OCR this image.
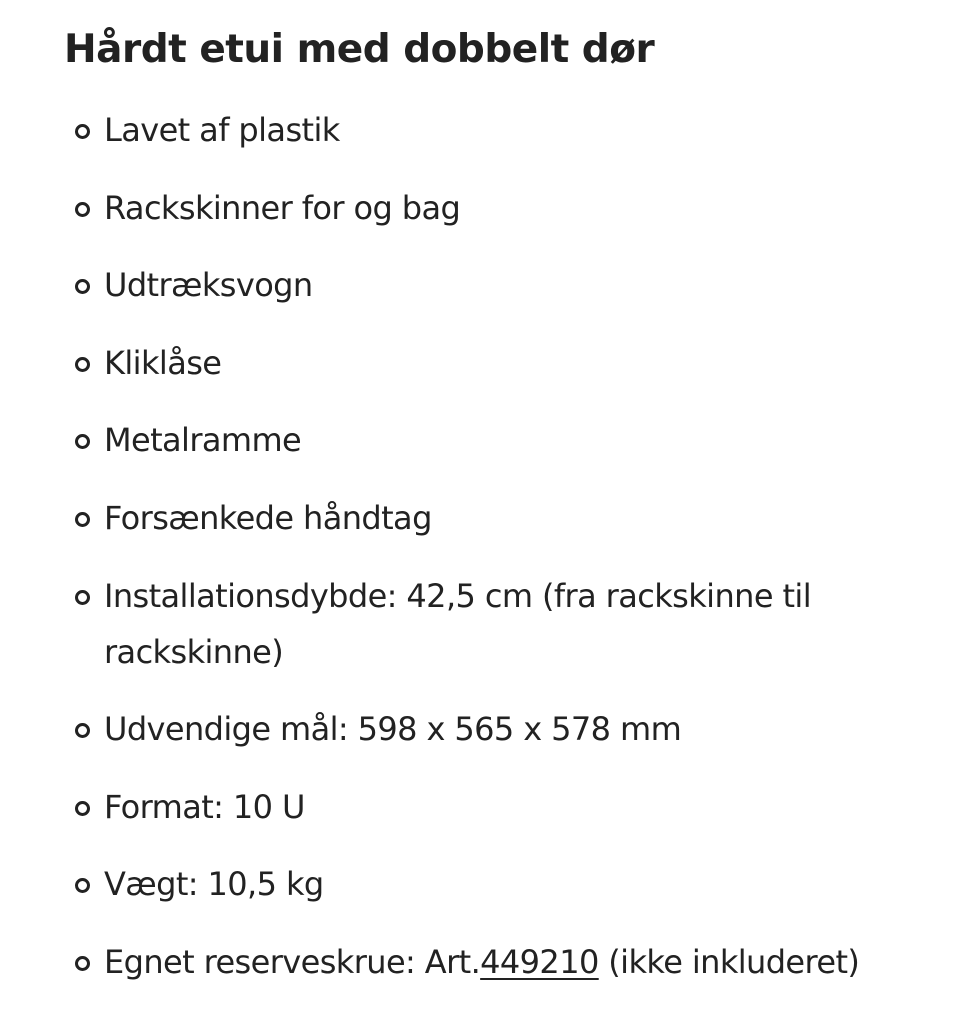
Hårdt etui med dobbelt dør
Lavet af plastik
Rackskinner for og bag
Udtræksvogn
Kliklåse
Metalramme
Forsænkede håndtag
Installationsdybde: 42,5 cm (fra rackskinne til rackskinne)
Udvendige mål: 598 x 565 x 578 mm
Format: 10 U
Vægt: 10,5 kg
Egnet reserveskrue: Art.449210 (ikke inkluderet)
